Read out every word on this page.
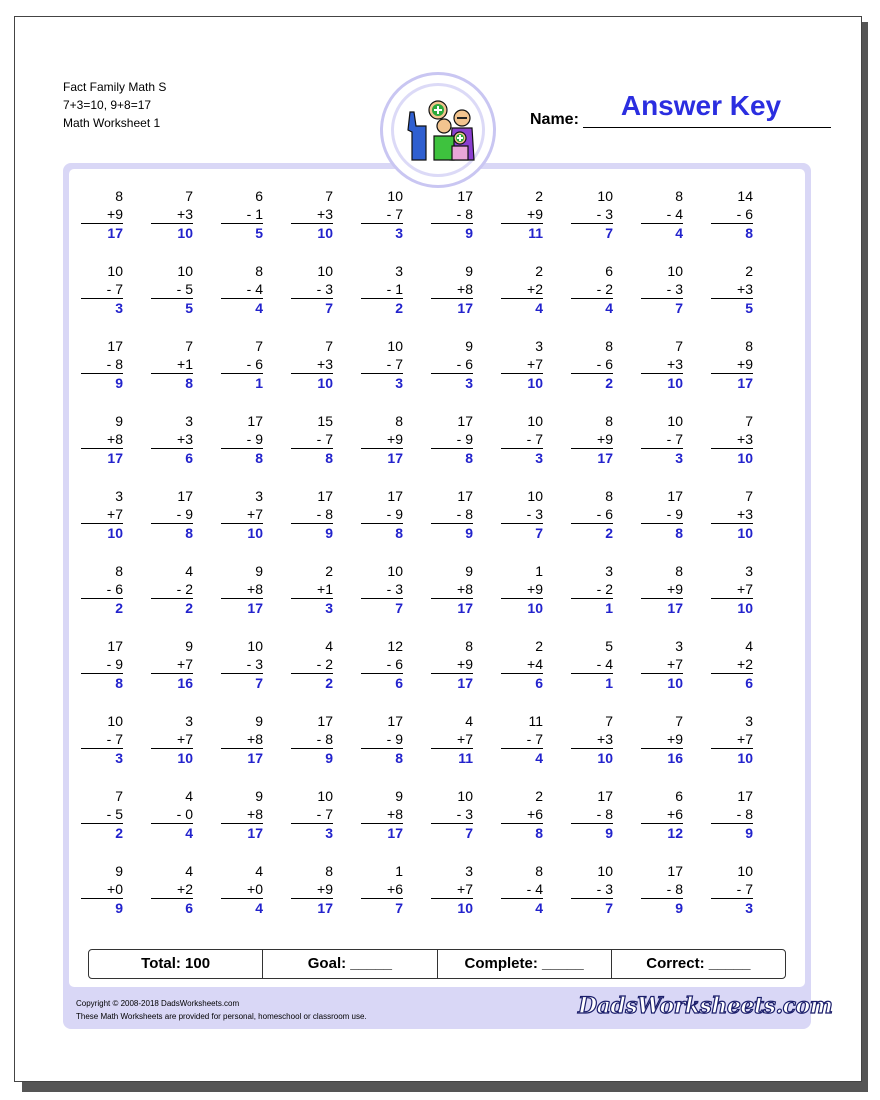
Fact Family Math S
7+3=10, 9+8=17
Math Worksheet 1	Name:	Answer Key
8
+9
17
7
+3
10
6
- 1
5
7
+3
10
10
- 7
3
17
- 8
9
2
+9
11
10
- 3
7
8
- 4
4
14
- 6
8
10
- 7
3
10
- 5
5
8
- 4
4
10
- 3
7
3
- 1
2
9
+8
17
2
+2
4
6
- 2
4
10
- 3
7
2
+3
5
17
- 8
9
7
+1
8
7
- 6
1
7
+3
10
10
- 7
3
9
- 6
3
3
+7
10
8
- 6
2
7
+3
10
8
+9
17
9
+8
17
3
+3
6
17
- 9
8
15
- 7
8
8
+9
17
17
- 9
8
10
- 7
3
8
+9
17
10
- 7
3
7
+3
10
3
+7
10
17
- 9
8
3
+7
10
17
- 8
9
17
- 9
8
17
- 8
9
10
- 3
7
8
- 6
2
17
- 9
8
7
+3
10
8
- 6
2
4
- 2
2
9
+8
17
2
+1
3
10
- 3
7
9
+8
17
1
+9
10
3
- 2
1
8
+9
17
3
+7
10
17
- 9
8
9
+7
16
10
- 3
7
4
- 2
2
12
- 6
6
8
+9
17
2
+4
6
5
- 4
1
3
+7
10
4
+2
6
10
- 7
3
3
+7
10
9
+8
17
17
- 8
9
17
- 9
8
4
+7
11
11
- 7
4
7
+3
10
7
+9
16
3
+7
10
7
- 5
2
4
- 0
4
9
+8
17
10
- 7
3
9
+8
17
10
- 3
7
2
+6
8
17
- 8
9
6
+6
12
17
- 8
9
9
+0
9
4
+2
6
4
+0
4
8
+9
17
1
+6
7
3
+7
10
8
- 4
4
10
- 3
7
17
- 8
9
10
- 7
3
Total: 100	Goal: _____	Complete: _____	Correct: _____
Copyright © 2008-2018 DadsWorksheets.com
These Math Worksheets are provided for personal, homeschool or classroom use.	DadsWorksheets.com
